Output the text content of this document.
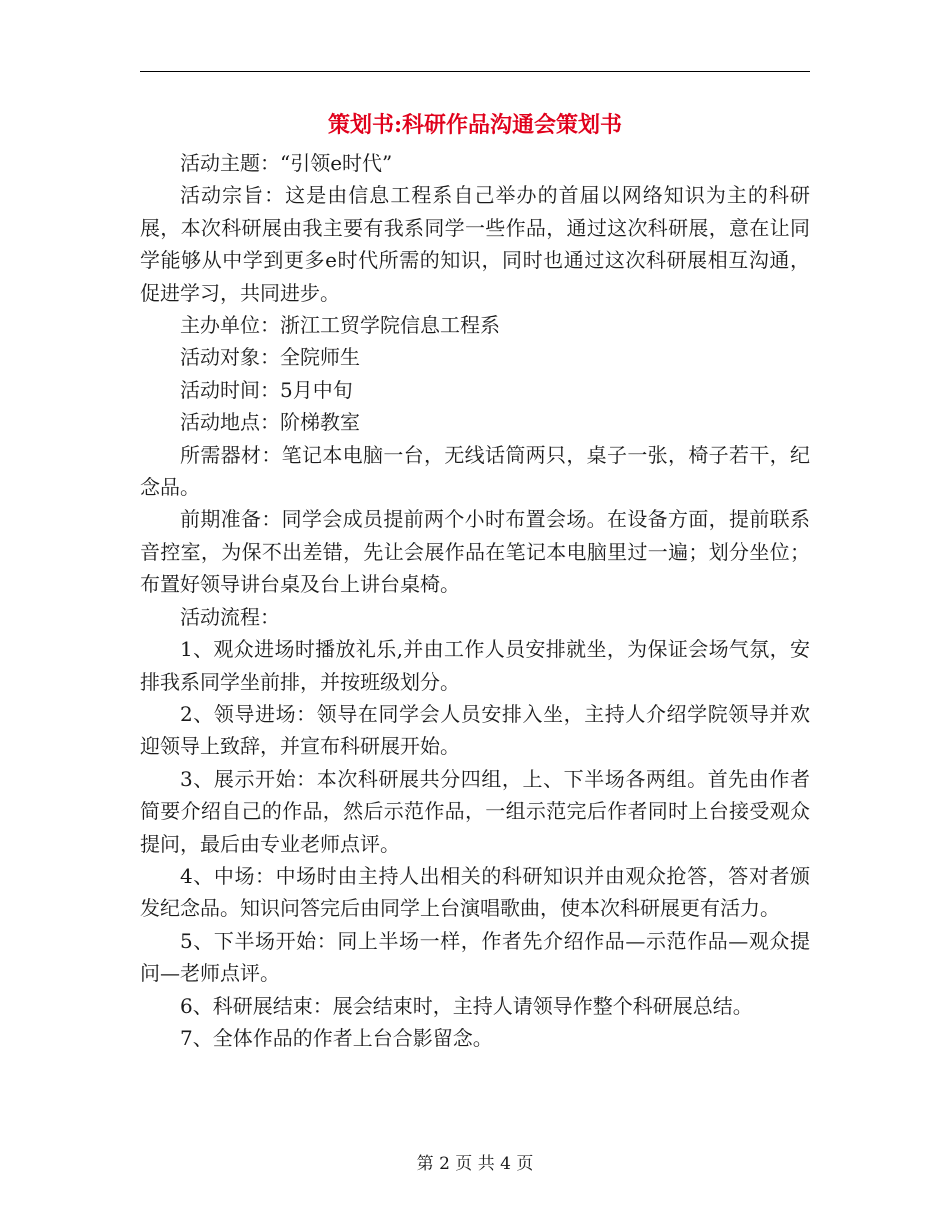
策划书:科研作品沟通会策划书

活动主题：“引领e时代”

活动宗旨：这是由信息工程系自己举办的首届以网络知识为主的科研展，本次科研展由我主要有我系同学一些作品，通过这次科研展，意在让同学能够从中学到更多e时代所需的知识，同时也通过这次科研展相互沟通，促进学习，共同进步。

主办单位：浙江工贸学院信息工程系

活动对象：全院师生

活动时间：5月中旬

活动地点：阶梯教室

所需器材：笔记本电脑一台，无线话筒两只，桌子一张，椅子若干，纪念品。

前期准备：同学会成员提前两个小时布置会场。在设备方面，提前联系音控室，为保不出差错，先让会展作品在笔记本电脑里过一遍；划分坐位；布置好领导讲台桌及台上讲台桌椅。

活动流程：

1、观众进场时播放礼乐,并由工作人员安排就坐，为保证会场气氛，安排我系同学坐前排，并按班级划分。

2、领导进场：领导在同学会人员安排入坐，主持人介绍学院领导并欢迎领导上致辞，并宣布科研展开始。

3、展示开始：本次科研展共分四组，上、下半场各两组。首先由作者简要介绍自己的作品，然后示范作品，一组示范完后作者同时上台接受观众提问，最后由专业老师点评。

4、中场：中场时由主持人出相关的科研知识并由观众抢答，答对者颁发纪念品。知识问答完后由同学上台演唱歌曲，使本次科研展更有活力。

5、下半场开始：同上半场一样，作者先介绍作品—示范作品—观众提问—老师点评。

6、科研展结束：展会结束时，主持人请领导作整个科研展总结。

7、全体作品的作者上台合影留念。

第 2 页 共 4 页
